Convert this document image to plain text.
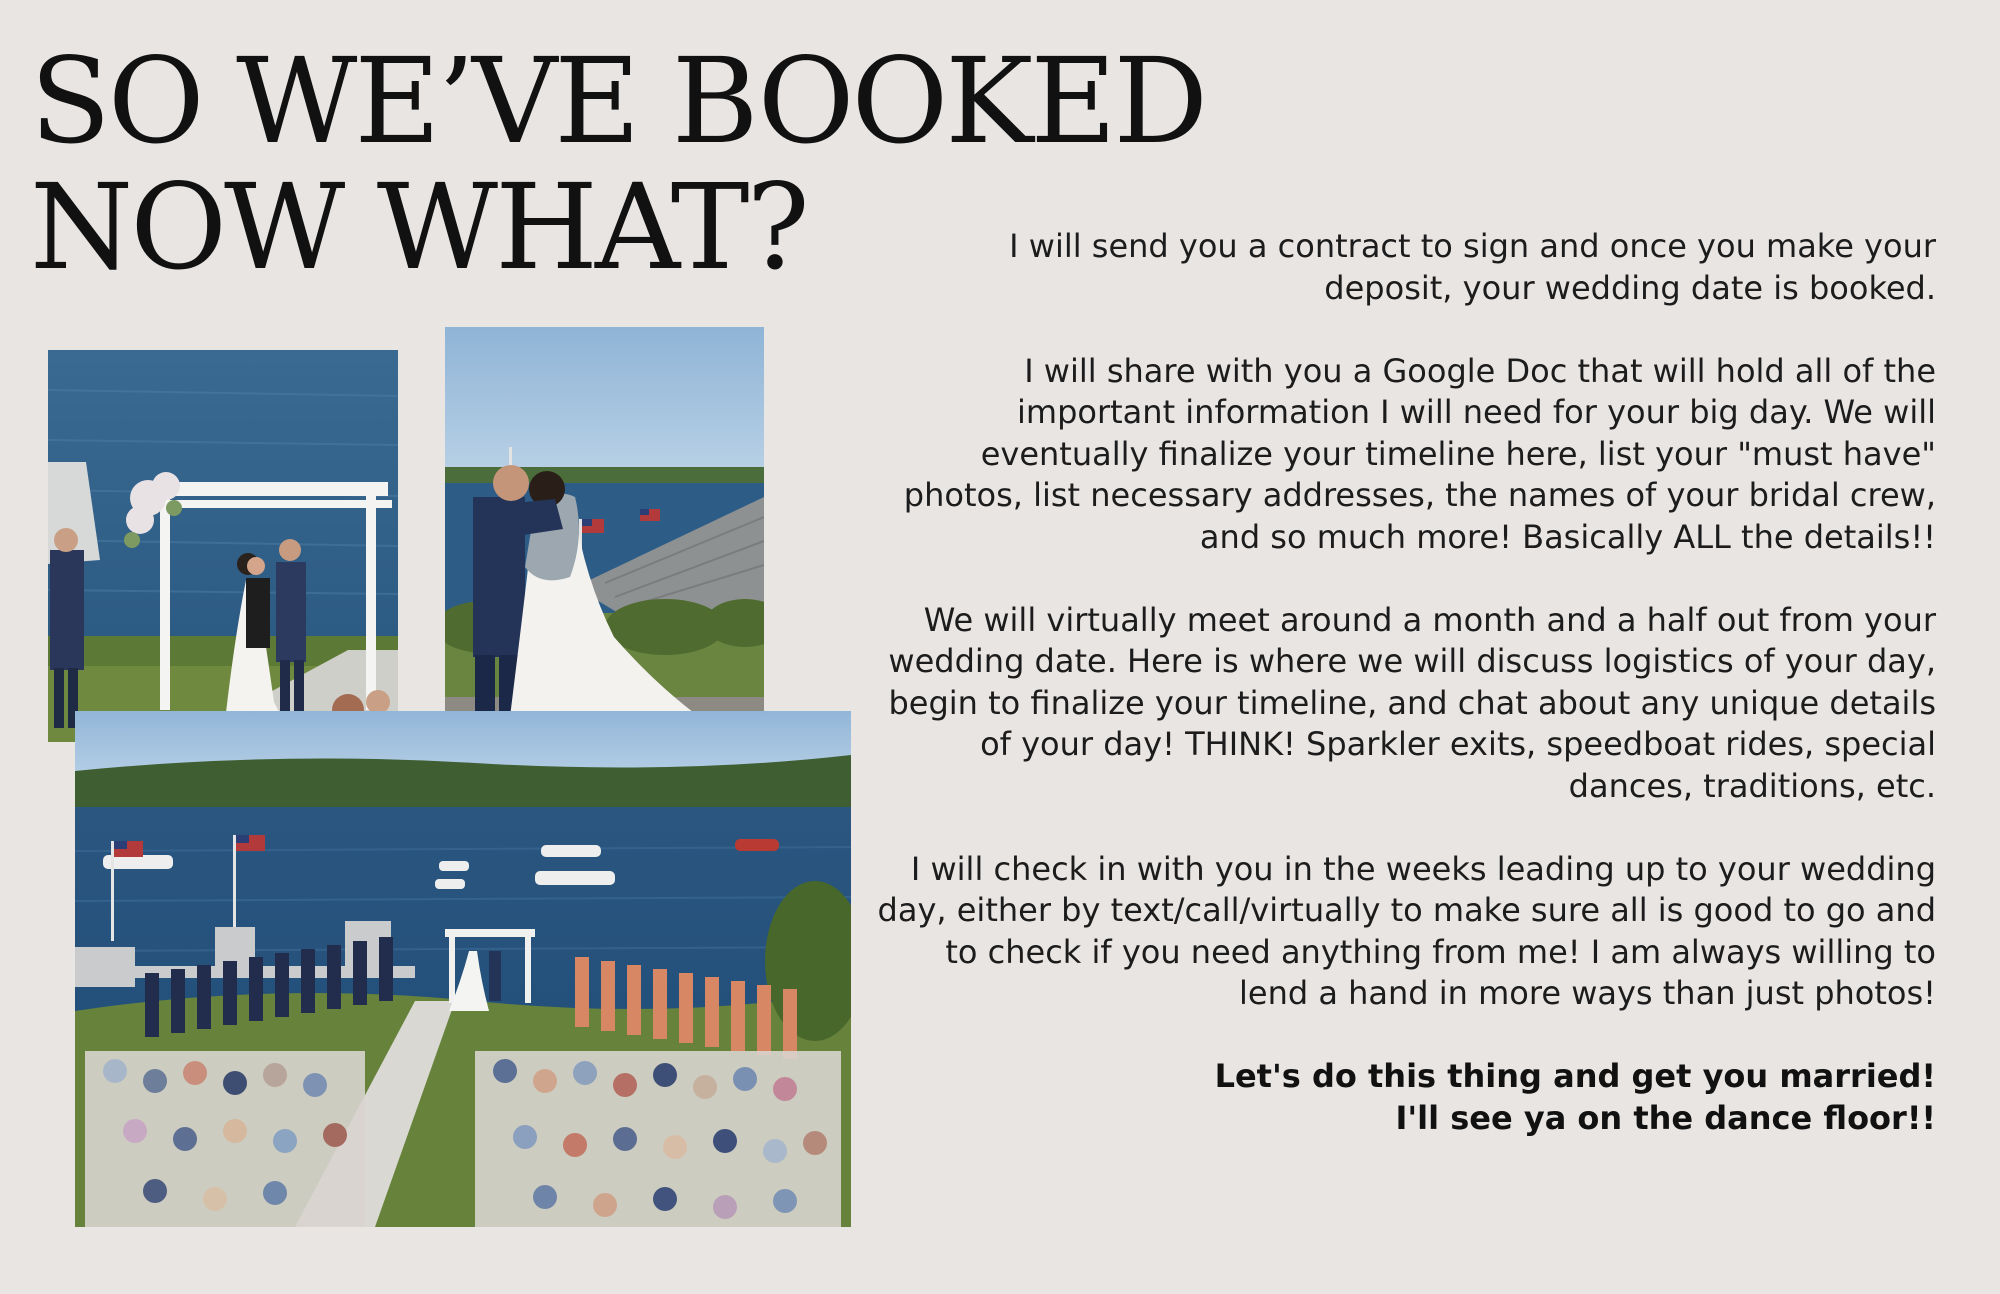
SO WE’VE BOOKED
NOW WHAT?	I will send you a contract to sign and once you make your deposit, your wedding date is booked.

I will share with you a Google Doc that will hold all of the important information I will need for your big day. We will eventually finalize your timeline here, list your "must have" photos, list necessary addresses, the names of your bridal crew, and so much more! Basically ALL the details!!

We will virtually meet around a month and a half out from your wedding date. Here is where we will discuss logistics of your day, begin to finalize your timeline, and chat about any unique details of your day! THINK! Sparkler exits, speedboat rides, special dances, traditions, etc.

I will check in with you in the weeks leading up to your wedding day, either by text/call/virtually to make sure all is good to go and to check if you need anything from me! I am always willing to lend a hand in more ways than just photos!

Let's do this thing and get you married!
I'll see ya on the dance floor!!
